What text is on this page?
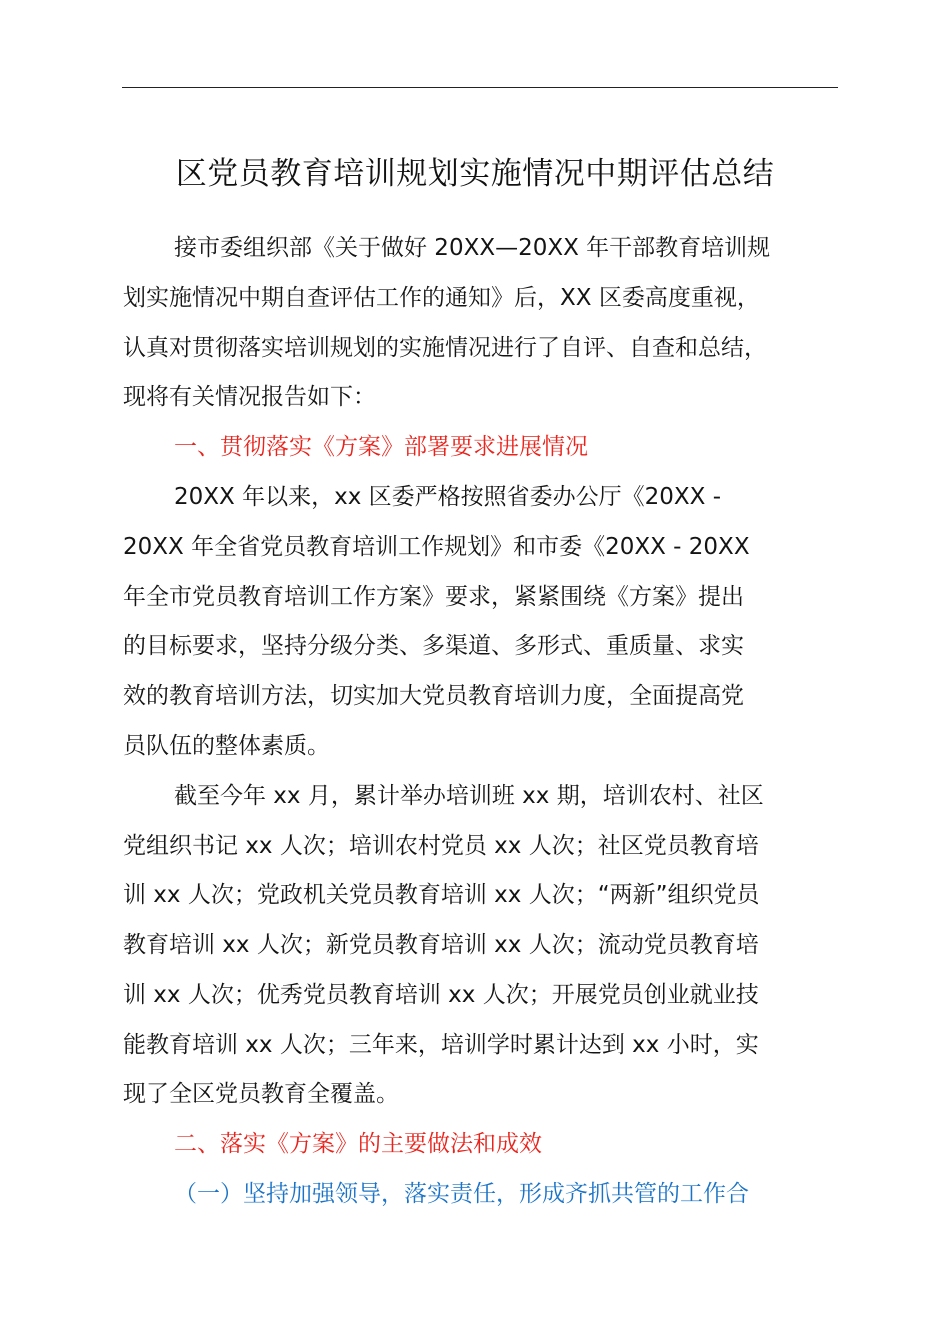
区党员教育培训规划实施情况中期评估总结
接市委组织部《关于做好 20XX—20XX 年干部教育培训规
划实施情况中期自查评估工作的通知》后，XX 区委高度重视，
认真对贯彻落实培训规划的实施情况进行了自评、自查和总结，
现将有关情况报告如下：
一、贯彻落实《方案》部署要求进展情况
20XX 年以来，xx 区委严格按照省委办公厅《20XX -
20XX 年全省党员教育培训工作规划》和市委《20XX - 20XX
年全市党员教育培训工作方案》要求，紧紧围绕《方案》提出
的目标要求，坚持分级分类、多渠道、多形式、重质量、求实
效的教育培训方法，切实加大党员教育培训力度，全面提高党
员队伍的整体素质。
截至今年 xx 月，累计举办培训班 xx 期，培训农村、社区
党组织书记 xx 人次；培训农村党员 xx 人次；社区党员教育培
训 xx 人次；党政机关党员教育培训 xx 人次；“两新”组织党员
教育培训 xx 人次；新党员教育培训 xx 人次；流动党员教育培
训 xx 人次；优秀党员教育培训 xx 人次；开展党员创业就业技
能教育培训 xx 人次；三年来，培训学时累计达到 xx 小时，实
现了全区党员教育全覆盖。
二、落实《方案》的主要做法和成效
（一）坚持加强领导，落实责任，形成齐抓共管的工作合
